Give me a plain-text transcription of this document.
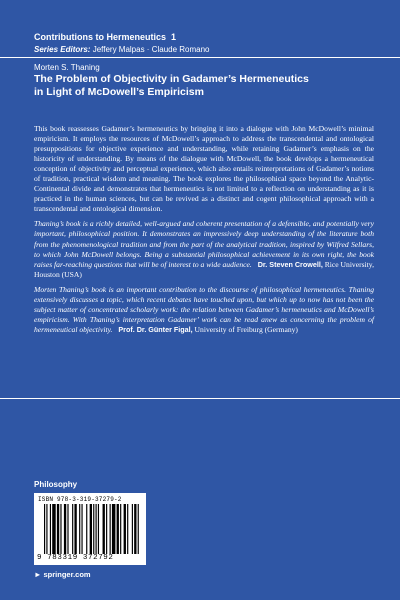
Contributions to Hermeneutics 1
Series Editors: Jeffery Malpas · Claude Romano
Morten S. Thaning
The Problem of Objectivity in Gadamer’s Hermeneutics
in Light of McDowell’s Empiricism

This book reassesses Gadamer’s hermeneutics by bringing it into a dialogue with John McDowell’s minimal empiricism. It employs the resources of McDowell’s approach to address the transcendental and ontological presuppositions for objective experience and understanding, while retaining Gadamer’s emphasis on the historicity of understanding. By means of the dialogue with McDowell, the book develops a hermeneutical conception of objectivity and perceptual experience, which also entails reinterpretations of Gadamer’s notions of tradition, practical wisdom and meaning. The book explores the philosophical space beyond the Analytic-Continental divide and demonstrates that hermeneutics is not limited to a reflection on understanding as it is practiced in the human sciences, but can be revived as a distinct and cogent philosophical approach with a transcendental and ontological dimension.

Thaning’s book is a richly detailed, well-argued and coherent presentation of a defensible, and potentially very important, philosophical position. It demonstrates an impressively deep understanding of the literature both from the phenomenological tradition and from the part of the analytical tradition, inspired by Wilfred Sellars, to which John McDowell belongs. Being a substantial philosophical achievement in its own right, the book raises far-reaching questions that will be of interest to a wide audience. Dr. Steven Crowell, Rice University, Houston (USA)

Morten Thaning’s book is an important contribution to the discourse of philosophical hermeneutics. Thaning extensively discusses a topic, which recent debates have touched upon, but which up to now has not been the subject matter of concentrated scholarly work: the relation between Gadamer’s hermeneutics and McDowell’s empiricism. With Thaning’s interpretation Gadamer’ work can be read anew as concerning the problem of hermeneutical objectivity. Prof. Dr. Günter Figal, University of Freiburg (Germany)

Philosophy
ISBN 978-3-319-37279-2
9 783319 372792
► springer.com
